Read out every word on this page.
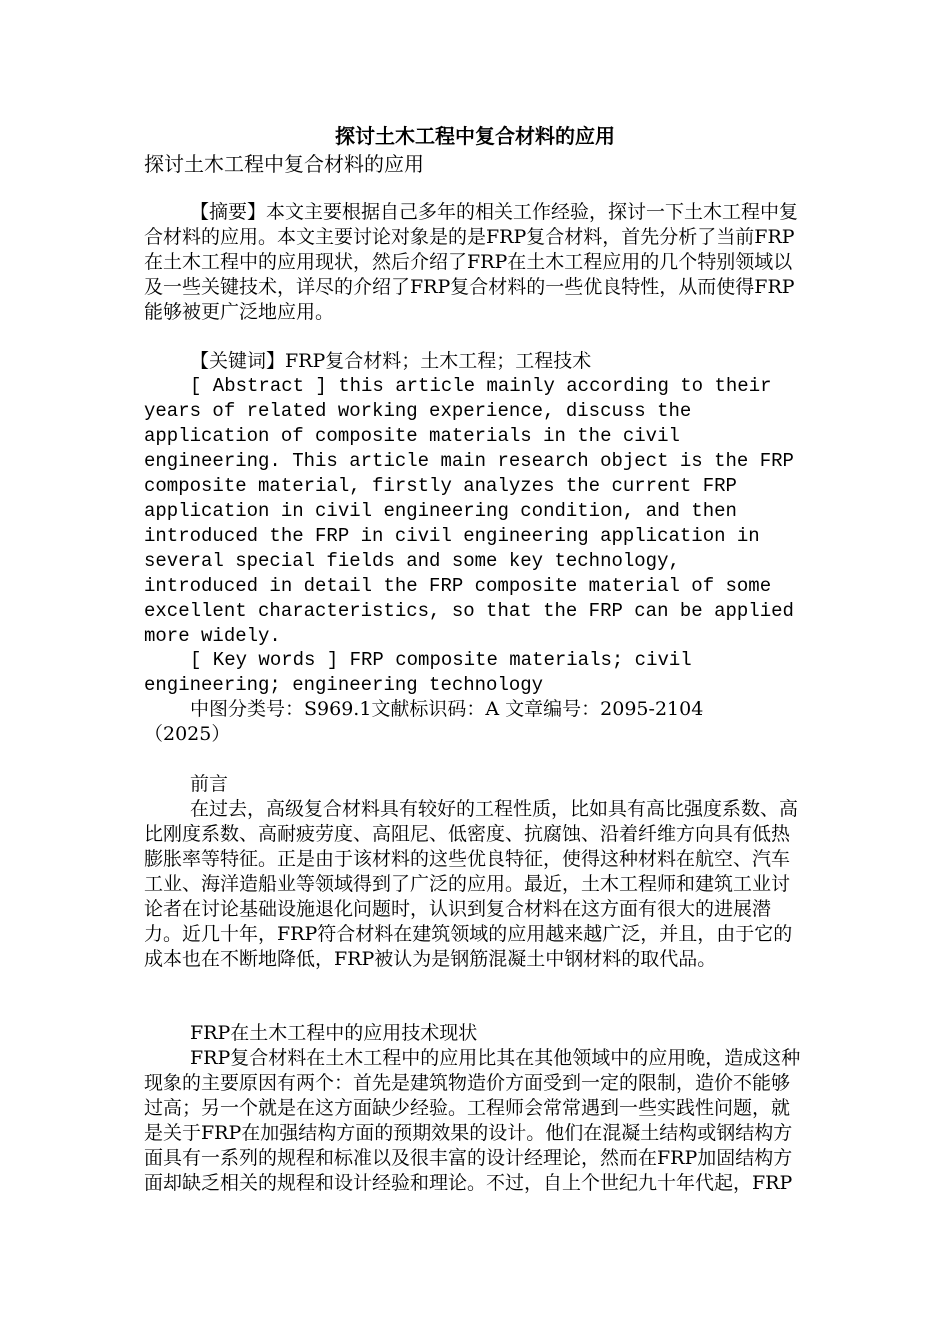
探讨土木工程中复合材料的应用
探讨土木工程中复合材料的应用
【摘要】本文主要根据自己多年的相关工作经验，探讨一下土木工程中复合材料的应用。本文主要讨论对象是的是FRP复合材料，首先分析了当前FRP 在土木工程中的应用现状，然后介绍了FRP在土木工程应用的几个特别领域以及一些关键技术，详尽的介绍了FRP复合材料的一些优良特性，从而使得FRP能够被更广泛地应用。
【关键词】FRP复合材料；土木工程；工程技术
[ Abstract ] this article mainly according to their years of related working experience, discuss the application of composite materials in the civil engineering. This article main research object is the FRP composite material, firstly analyzes the current FRP application in civil engineering condition, and then introduced the FRP in civil engineering application in several special fields and some key technology, introduced in detail the FRP composite material of some excellent characteristics, so that the FRP can be applied more widely.
[ Key words ] FRP composite materials; civil engineering; engineering technology
中图分类号：S969.1文献标识码：A 文章编号：2095-2104（2025）
前言
在过去，高级复合材料具有较好的工程性质，比如具有高比强度系数、高比刚度系数、高耐疲劳度、高阻尼、低密度、抗腐蚀、沿着纤维方向具有低热膨胀率等特征。正是由于该材料的这些优良特征，使得这种材料在航空、汽车工业、海洋造船业等领域得到了广泛的应用。最近，土木工程师和建筑工业讨论者在讨论基础设施退化问题时，认识到复合材料在这方面有很大的进展潜力。近几十年，FRP符合材料在建筑领域的应用越来越广泛，并且，由于它的成本也在不断地降低，FRP被认为是钢筋混凝土中钢材料的取代品。
FRP在土木工程中的应用技术现状
FRP复合材料在土木工程中的应用比其在其他领域中的应用晚，造成这种现象的主要原因有两个：首先是建筑物造价方面受到一定的限制，造价不能够过高；另一个就是在这方面缺少经验。工程师会常常遇到一些实践性问题，就是关于FRP在加强结构方面的预期效果的设计。他们在混凝土结构或钢结构方面具有一系列的规程和标准以及很丰富的设计经理论，然而在FRP加固结构方面却缺乏相关的规程和设计经验和理论。不过，自上个世纪九十年代起，FRP
